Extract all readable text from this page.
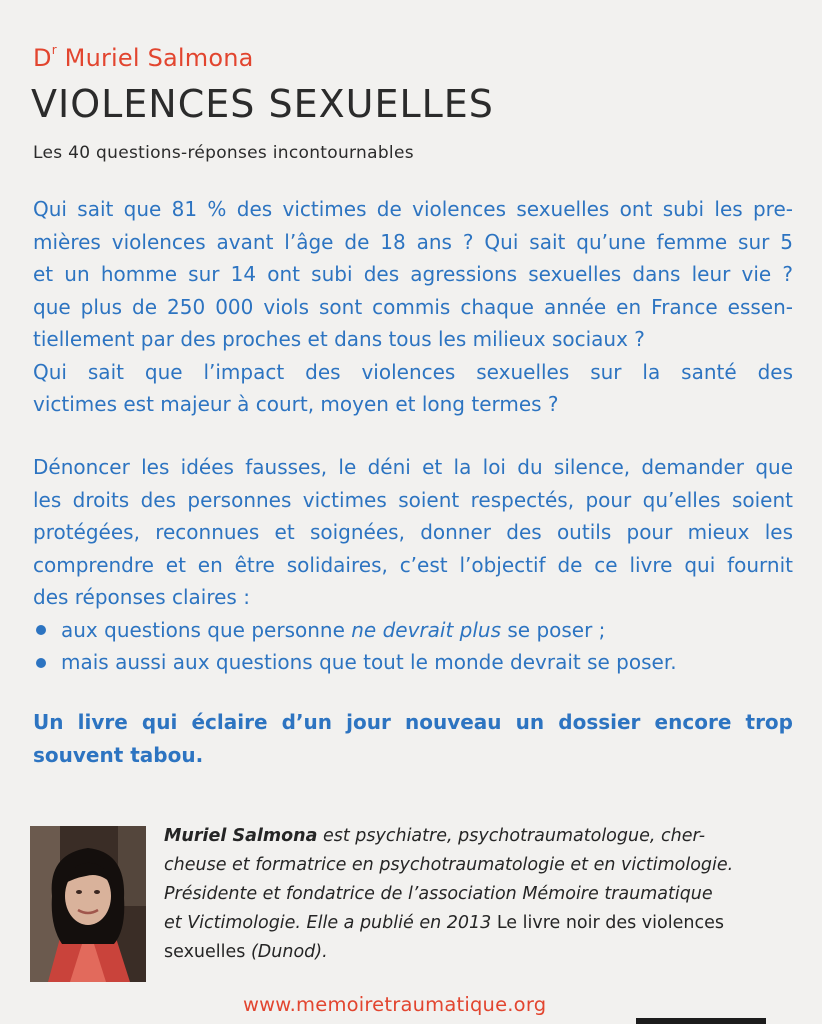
$D^r$ Muriel Salmona
VIOLENCES SEXUELLES
Les 40 questions-réponses incontournables
Qui sait que 81 % des victimes de violences sexuelles ont subi les pre-
mières violences avant l’âge de 18 ans ? Qui sait qu’une femme sur 5
et un homme sur 14 ont subi des agressions sexuelles dans leur vie ?
que plus de 250 000 viols sont commis chaque année en France essen-
tiellement par des proches et dans tous les milieux sociaux ?
Qui sait que l’impact des violences sexuelles sur la santé des
victimes est majeur à court, moyen et long termes ?
Dénoncer les idées fausses, le déni et la loi du silence, demander que
les droits des personnes victimes soient respectés, pour qu’elles soient
protégées, reconnues et soignées, donner des outils pour mieux les
comprendre et en être solidaires, c’est l’objectif de ce livre qui fournit
des réponses claires :
aux questions que personne ne devrait plus se poser ;
mais aussi aux questions que tout le monde devrait se poser.
Un livre qui éclaire d’un jour nouveau un dossier encore trop
souvent tabou.
Muriel Salmona est psychiatre, psychotraumatologue, cher-
cheuse et formatrice en psychotraumatologie et en victimologie.
Présidente et fondatrice de l’association Mémoire traumatique
et Victimologie. Elle a publié en 2013 Le livre noir des violences
sexuelles (Dunod).
www.memoiretraumatique.org
